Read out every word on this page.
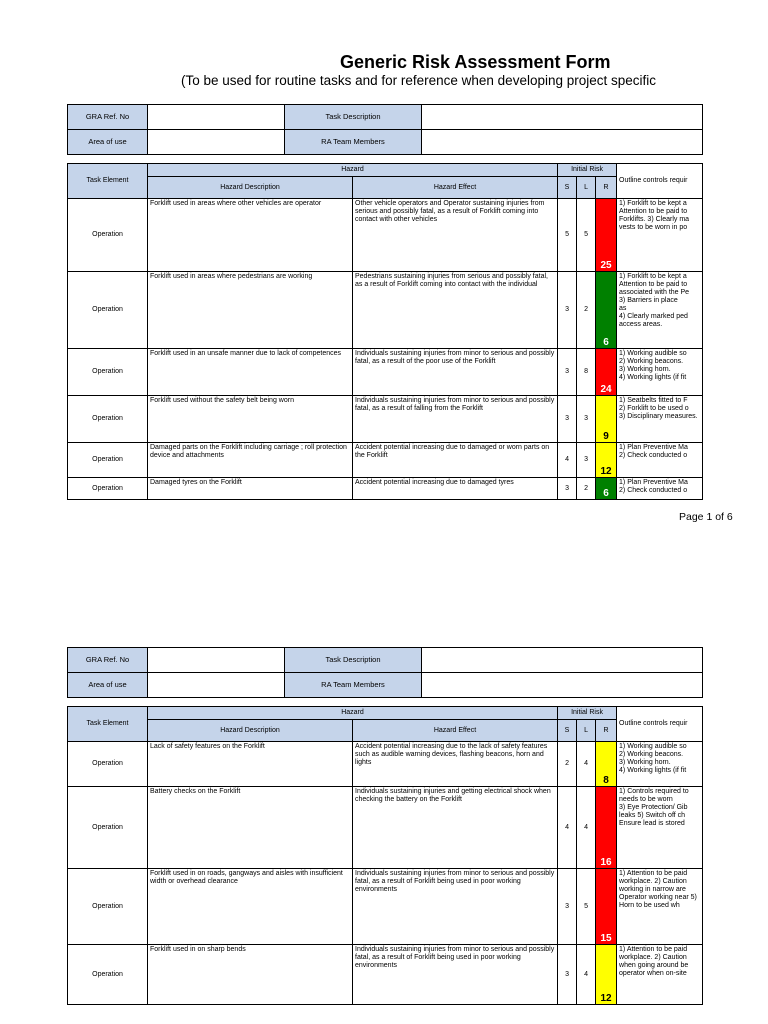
Generic Risk Assessment Form
(To be used for routine tasks and for reference when developing project specific
GRA Ref. No		Task Description	
Area of use		RA Team Members	
Task Element	Hazard		Initial Risk			Outline controls requir
	Hazard Description	Hazard Effect	S	L	R	
Operation	Forklift used in areas where other vehicles are operator	Other vehicle operators and Operator sustaining injuries from serious and possibly fatal, as a result of Forklift coming into contact with other vehicles	5	5	25	1) Forklift to be kept a Attention to be paid to Forklifts. 3) Clearly ma vests to be worn in po
Operation	Forklift used in areas where pedestrians are working	Pedestrians sustaining injuries from serious and possibly fatal, as a result of Forklift coming into contact with the individual	3	2	6	1) Forklift to be kept a Attention to be paid to associated with the Pe
3) Barriers in place
as
4) Clearly marked ped access areas.
Operation	Forklift used in an unsafe manner due to lack of competences	Individuals sustaining injuries from minor to serious and possibly fatal, as a result of the poor use of the Forklift	3	8	24	1) Working audible so
2) Working beacons.
3) Working horn.
4) Working lights (if fit
Operation	Forklift used without the safety belt being worn	Individuals sustaining injuries from minor to serious and possibly fatal, as a result of falling from the Forklift	3	3	9	1) Seatbelts fitted to F
2) Forklift to be used o
3) Disciplinary measures.
Operation	Damaged parts on the Forklift including carriage ; roll protection device and attachments	Accident potential increasing due to damaged or worn parts on the Forklift	4	3	12	1) Plan Preventive Ma
2) Check conducted o
Operation	Damaged tyres on the Forklift	Accident potential increasing due to damaged tyres	3	2	6	1) Plan Preventive Ma
2) Check conducted o
Page 1 of 6
GRA Ref. No		Task Description	
Area of use		RA Team Members	
Task Element	Hazard		Initial Risk			Outline controls requir
	Hazard Description	Hazard Effect	S	L	R	
Operation	Lack of safety features on the Forklift	Accident potential increasing due to the lack of safety features such as audible warning devices, flashing beacons, horn and lights	2	4	8	1) Working audible so
2) Working beacons.
3) Working horn.
4) Working lights (if fit
Operation	Battery checks on the Forklift	Individuals sustaining injuries and getting electrical shock when checking the battery on the Forklift	4	4	16	1) Controls required to needs to be worn
3) Eye Protection/ Gib leaks 5) Switch off ch Ensure lead is stored
Operation	Forklift used in on roads, gangways and aisles with insufficient width or overhead clearance	Individuals sustaining injuries from minor to serious and possibly fatal, as a result of Forklift being used in poor working environments	3	5	15	1) Attention to be paid workplace. 2) Caution working in narrow are Operator working near 5) Horn to be used wh
Operation	Forklift used in on sharp bends	Individuals sustaining injuries from minor to serious and possibly fatal, as a result of Forklift being used in poor working environments	3	4	12	1) Attention to be paid workplace. 2) Caution when going around be operator when on-site
